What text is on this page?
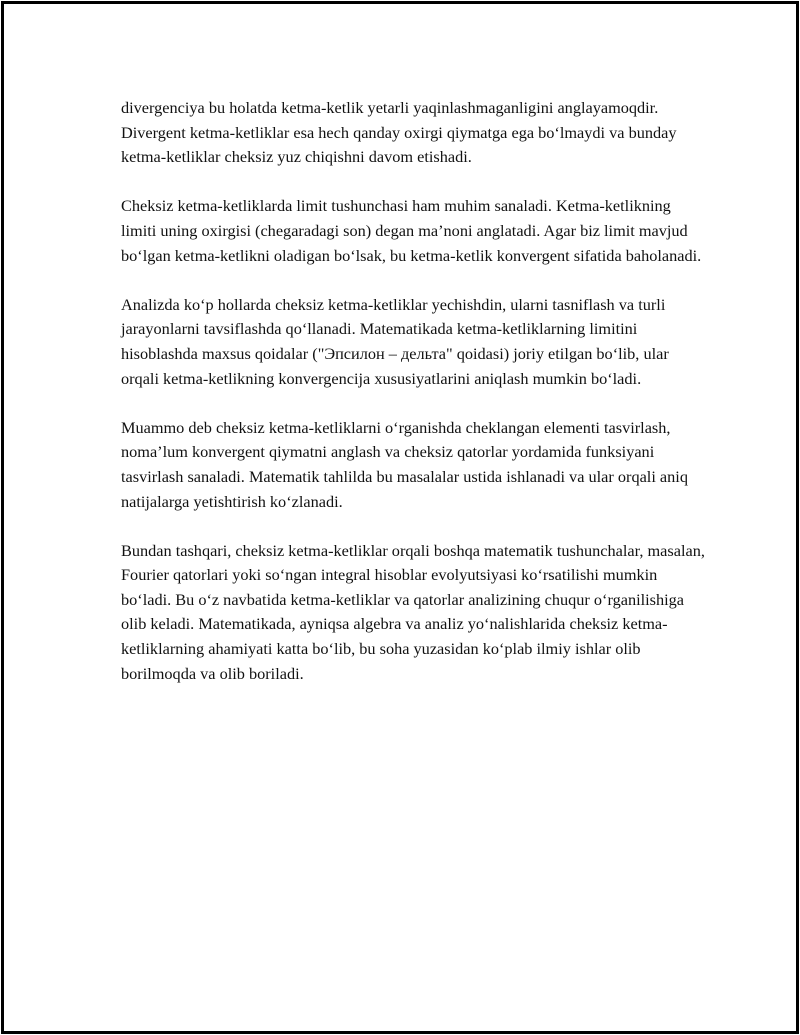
divergenciya bu holatda ketma-ketlik yetarli yaqinlashmaganligini anglayamoqdir. Divergent ketma-ketliklar esa hech qanday oxirgi qiymatga ega bo‘lmaydi va bunday ketma-ketliklar cheksiz yuz chiqishni davom etishadi.

Cheksiz ketma-ketliklarda limit tushunchasi ham muhim sanaladi. Ketma-ketlikning limiti uning oxirgisi (chegaradagi son) degan ma’noni anglatadi. Agar biz limit mavjud bo‘lgan ketma-ketlikni oladigan bo‘lsak, bu ketma-ketlik konvergent sifatida baholanadi.

Analizda ko‘p hollarda cheksiz ketma-ketliklar yechishdin, ularni tasniflash va turli jarayonlarni tavsiflashda qo‘llanadi. Matematikada ketma-ketliklarning limitini hisoblashda maxsus qoidalar ("Эпсилон – дельта" qoidasi) joriy etilgan bo‘lib, ular orqali ketma-ketlikning konvergencija xususiyatlarini aniqlash mumkin bo‘ladi.

Muammo deb cheksiz ketma-ketliklarni o‘rganishda cheklangan elementi tasvirlash, noma’lum konvergent qiymatni anglash va cheksiz qatorlar yordamida funksiyani tasvirlash sanaladi. Matematik tahlilda bu masalalar ustida ishlanadi va ular orqali aniq natijalarga yetishtirish ko‘zlanadi.

Bundan tashqari, cheksiz ketma-ketliklar orqali boshqa matematik tushunchalar, masalan, Fourier qatorlari yoki so‘ngan integral hisoblar evolyutsiyasi ko‘rsatilishi mumkin bo‘ladi. Bu o‘z navbatida ketma-ketliklar va qatorlar analizining chuqur o‘rganilishiga olib keladi. Matematikada, ayniqsa algebra va analiz yo‘nalishlarida cheksiz ketma-ketliklarning ahamiyati katta bo‘lib, bu soha yuzasidan ko‘plab ilmiy ishlar olib borilmoqda va olib boriladi.
